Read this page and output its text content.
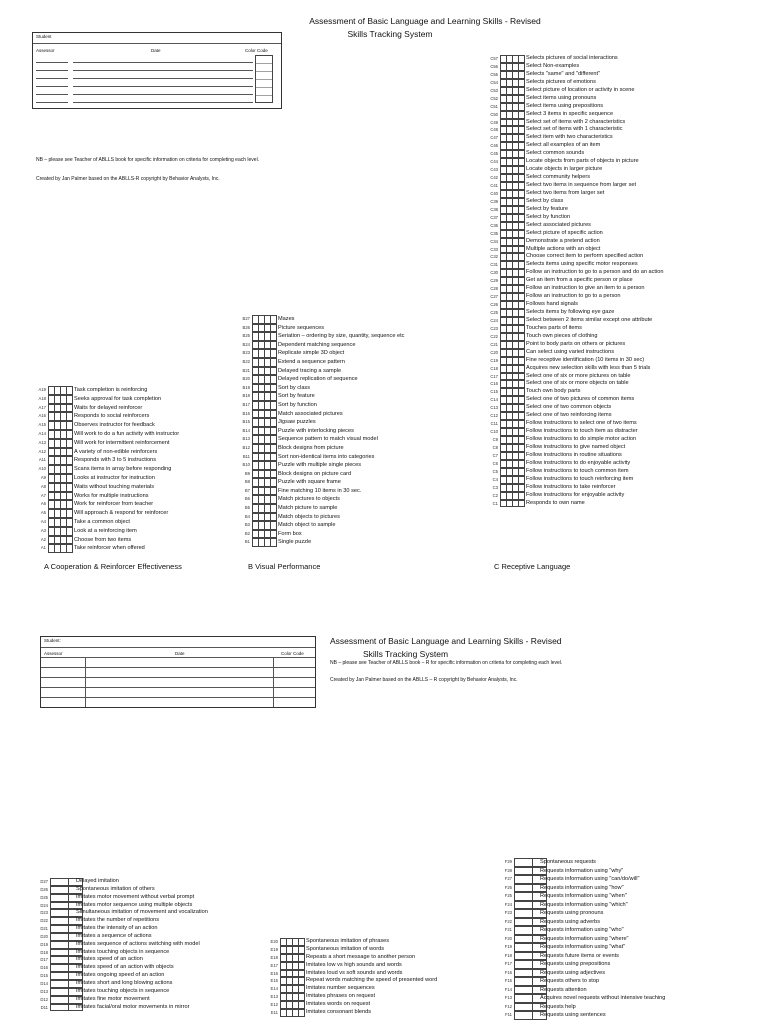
Assessment of Basic Language and Learning Skills - Revised
Skills Tracking System
Student
Assessor	Date	Color Code
NB – please see Teacher of ABLLS book for specific information on criteria for completing each level.
Created by Jan Palmer based on the ABLLS-R copyright by Behavior Analysts, Inc.
A19	Task completion is reinforcing
A18	Seeks approval for task completion
A17	Waits for delayed reinforcer
A16	Responds to social reinforcers
A15	Observes instructor for feedback
A14	Will work to do a fun activity with instructor
A13	Will work for intermittent reinforcement
A12	A variety of non-edible reinforcers
A11	Responds with 3 to 5 instructions
A10	Scans items in array before responding
A9	Looks at instructor for instruction
A8	Waits without touching materials
A7	Works for multiple instructions
A6	Work for reinforcer from teacher
A5	Will approach & respond for reinforcer
A4	Take a common object
A3	Look at a reinforcing item
A2	Choose from two items
A1	Take reinforcer when offered
B27	Mazes
B26	Picture sequences
B25	Seriation – ordering by size, quantity, sequence etc
B24	Dependent matching sequence
B23	Replicate simple 3D object
B22	Extend a sequence pattern
B21	Delayed tracing a sample
B20	Delayed replication of sequence
B19	Sort by class
B18	Sort by feature
B17	Sort by function
B16	Match associated pictures
B15	Jigsaw puzzles
B14	Puzzle with interlocking pieces
B13	Sequence pattern to match visual model
B12	Block designs from picture
B11	Sort non-identical items into categories
B10	Puzzle with multiple single pieces
B9	Block designs on picture card
B8	Puzzle with square frame
B7	Fine matching 10 items in 30 sec.
B6	Match pictures to objects
B5	Match picture to sample
B4	Match objects to pictures
B3	Match object to sample
B2	Form box
B1	Single puzzle
C57	Selects pictures of social interactions
C56	Select Non-examples
C55	Selects "same" and "different"
C54	Selects pictures of emotions
C53	Select picture of location or activity in scene
C52	Select items using pronouns
C51	Select items using prepositions
C50	Select 3 items in specific sequence
C49	Select set of items with 2 characteristics
C48	Select set of items with 1 characteristic
C47	Select item with two characteristics
C46	Select all examples of an item
C45	Select common sounds
C44	Locate objects from parts of objects in picture
C43	Locate objects in larger picture
C42	Select community helpers
C41	Select two items in sequence from larger set
C40	Select two items from larger set
C39	Select by class
C38	Select by feature
C37	Select by function
C36	Select associated pictures
C35	Select picture of specific action
C34	Demonstrate a pretend action
C33	Multiple actions with an object
C32	Choose correct item to perform specified action
C31	Selects items using specific motor responses
C30	Follow an instruction to go to a person and do an action
C29	Get an item from a specific person or place
C28	Follow an instruction to give an item to a person
C27	Follow an instruction to go to a person
C26	Follows hand signals
C25	Selects items by following eye gaze
C24	Select between 2 items similar except one attribute
C23	Touches parts of items
C22	Touch own pieces of clothing
C21	Point to body parts on others or pictures
C20	Can select using varied instructions
C19	Fine receptive identification (10 items in 30 sec)
C18	Acquires new selection skills with less than 5 trials
C17	Select one of six or more pictures on table
C16	Select one of six or more objects on table
C15	Touch own body parts
C14	Select one of two pictures of common items
C13	Select one of two common objects
C12	Select one of two reinforcing items
C11	Follow instructions to select one of two items
C10	Follow instructions to touch item as distracter
C9	Follow instructions to do simple motor action
C8	Follow instructions to give named object
C7	Follow instructions in routine situations
C6	Follow instructions to do enjoyable activity
C5	Follow instructions to touch common item
C4	Follow instructions to touch reinforcing item
C3	Follow instructions to take reinforcer
C2	Follow instructions for enjoyable activity
C1	Responds to own name
A Cooperation & Reinforcer Effectiveness	B Visual Performance	C Receptive Language
Student:
Assessor	Date	Color Code
Assessment of Basic Language and Learning Skills - Revised
Skills Tracking System
NB – please see Teacher of ABLLS book – R for specific information on criteria for completing each level.
Created by Jan Palmer based on the ABLLS – R copyright by Behavior Analysts, Inc.
D27	Delayed imitation
D26	Spontaneous imitation of others
D25	Imitates motor movement without verbal prompt
D24	Imitates motor sequence using multiple objects
D23	Simultaneous imitation of movement and vocalization
D22	Imitates the number of repetitions
D21	Imitates the intensity of an action
D20	Imitates a sequence of actions
D19	Imitates sequence of actions switching with model
D18	Imitates touching objects in sequence
D17	Imitates speed of an action
D16	Imitates speed of an action with objects
D15	Imitates ongoing speed of an action
D14	Imitates short and long blowing actions
D13	Imitates touching objects in sequence
D12	Imitates fine motor movement
D11	Imitates facial/oral motor movements in mirror
E20	Spontaneous imitation of phrases
E19	Spontaneous imitation of words
E18	Repeats a short message to another person
E17	Imitates low vs high sounds and words
E16	Imitates loud vs soft sounds and words
E15	Repeat words matching the speed of presented word
E14	Imitates number sequences
E13	Imitates phrases on request
E12	Imitates words on request
E11	Imitates consonant blends
F29	Spontaneous requests
F28	Requests information using "why"
F27	Requests information using "can/do/will"
F26	Requests information using "how"
F25	Requests information using "when"
F24	Requests information using "which"
F23	Requests using pronouns
F22	Requests using adverbs
F21	Requests information using "who"
F20	Requests information using "where"
F19	Requests information using "what"
F18	Requests future items or events
F17	Requests using prepositions
F16	Requests using adjectives
F15	Requests others to stop
F14	Requests attention
F13	Acquires novel requests without intensive teaching
F12	Requests help
F11	Requests using sentences
